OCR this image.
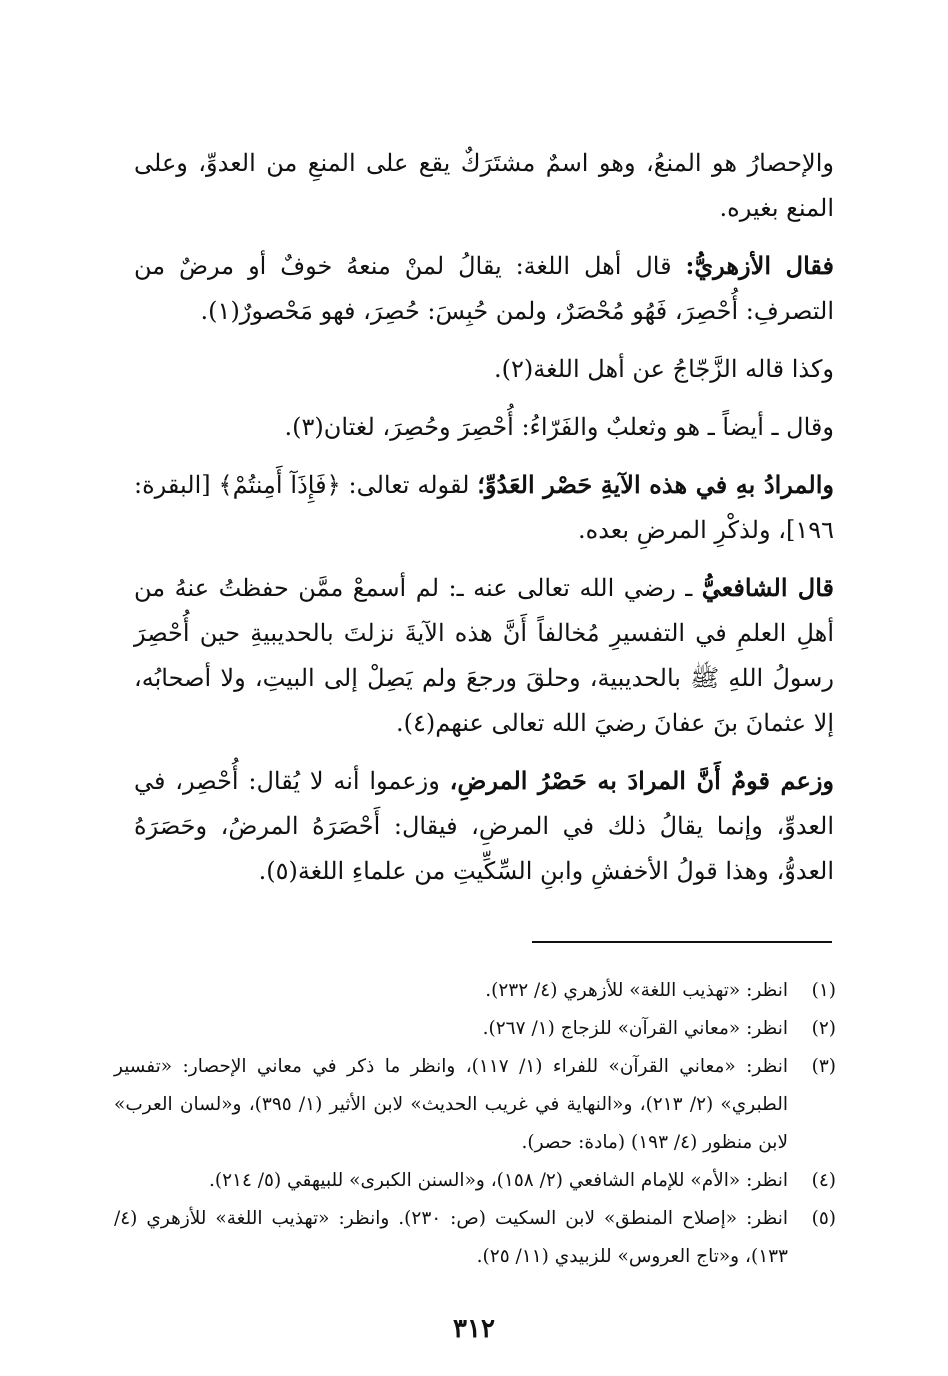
والإحصارُ هو المنعُ، وهو اسمٌ مشتَرَكٌ يقع على المنعِ من العدوِّ، وعلى المنع بغيره.

فقال الأزهريُّ: قال أهل اللغة: يقالُ لمنْ منعهُ خوفٌ أو مرضٌ من التصرفِ: أُحْصِرَ، فَهُو مُحْصَرٌ، ولمن حُبِسَ: حُصِرَ، فهو مَحْصورٌ(١).

وكذا قاله الزَّجّاجُ عن أهل اللغة(٢).

وقال ـ أيضاً ـ هو وثعلبٌ والفَرّاءُ: أُحْصِرَ وحُصِرَ، لغتان(٣).

والمرادُ بهِ في هذه الآيةِ حَصْر العَدُوِّ؛ لقوله تعالى: ﴿فَإِذَآ أَمِنتُمْ﴾ [البقرة: ١٩٦]، ولذكْرِ المرضِ بعده.

قال الشافعيُّ ـ رضي الله تعالى عنه ـ: لم أسمعْ ممَّن حفظتُ عنهُ من أهلِ العلمِ في التفسيرِ مُخالفاً أَنَّ هذه الآيةَ نزلتَ بالحديبيةِ حين أُحْصِرَ رسولُ اللهِ ﷺ بالحديبية، وحلقَ ورجعَ ولم يَصِلْ إلى البيتِ، ولا أصحابُه، إلا عثمانَ بنَ عفانَ رضيَ الله تعالى عنهم(٤).

وزعم قومٌ أَنَّ المرادَ به حَصْرُ المرضِ، وزعموا أنه لا يُقال: أُحْصِر، في العدوِّ، وإنما يقالُ ذلك في المرضِ، فيقال: أَحْصَرَهُ المرضُ، وحَصَرَهُ العدوُّ، وهذا قولُ الأخفشِ وابنِ السِّكِّيتِ من علماءِ اللغة(٥).

(١)
انظر: «تهذيب اللغة» للأزهري (٤/ ٢٣٢).
(٢)
انظر: «معاني القرآن» للزجاج (١/ ٢٦٧).
(٣)
انظر: «معاني القرآن» للفراء (١/ ١١٧)، وانظر ما ذكر في معاني الإحصار: «تفسير الطبري» (٢/ ٢١٣)، و«النهاية في غريب الحديث» لابن الأثير (١/ ٣٩٥)، و«لسان العرب» لابن منظور (٤/ ١٩٣) (مادة: حصر).
(٤)
انظر: «الأم» للإمام الشافعي (٢/ ١٥٨)، و«السنن الكبرى» للبيهقي (٥/ ٢١٤).
(٥)
انظر: «إصلاح المنطق» لابن السكيت (ص: ٢٣٠). وانظر: «تهذيب اللغة» للأزهري (٤/ ١٣٣)، و«تاج العروس» للزبيدي (١١/ ٢٥).
٣١٢
